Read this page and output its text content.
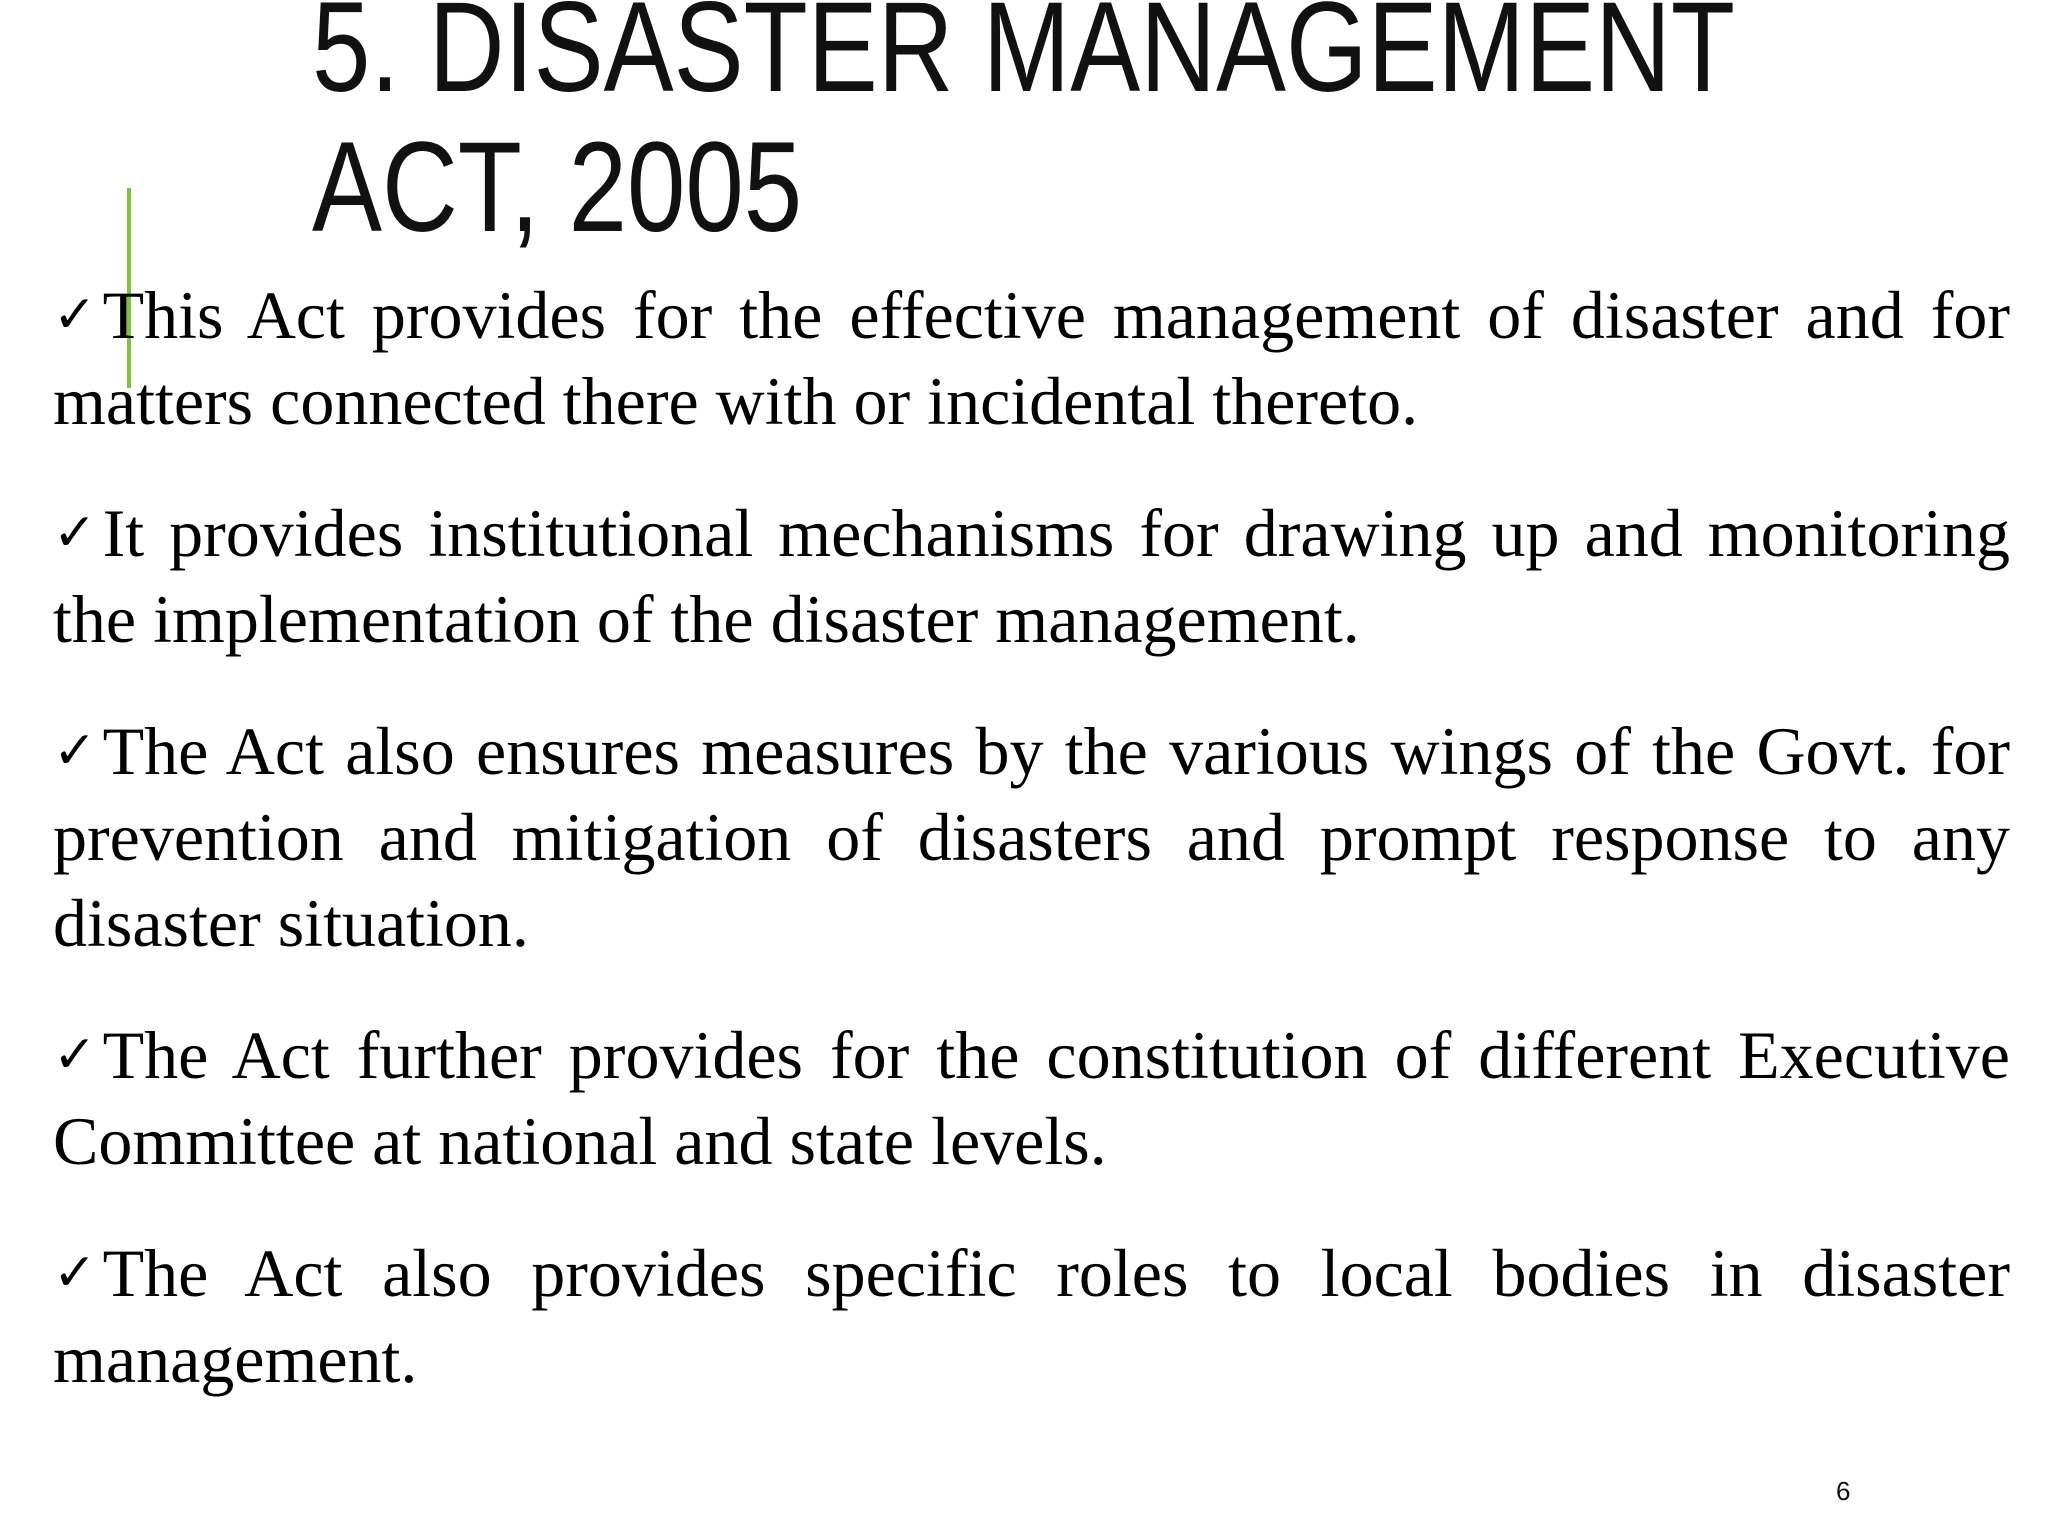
5. DISASTER MANAGEMENT
ACT, 2005
✓This Act provides for the effective management of disaster and for matters connected there with or incidental thereto.
✓It provides institutional mechanisms for drawing up and monitoring the implementation of the disaster management.
✓The Act also ensures measures by the various wings of the Govt. for prevention and mitigation of disasters and prompt response to any disaster situation.
✓The Act further provides for the constitution of different Executive Committee at national and state levels.
✓The Act also provides specific roles to local bodies in disaster management.
6
